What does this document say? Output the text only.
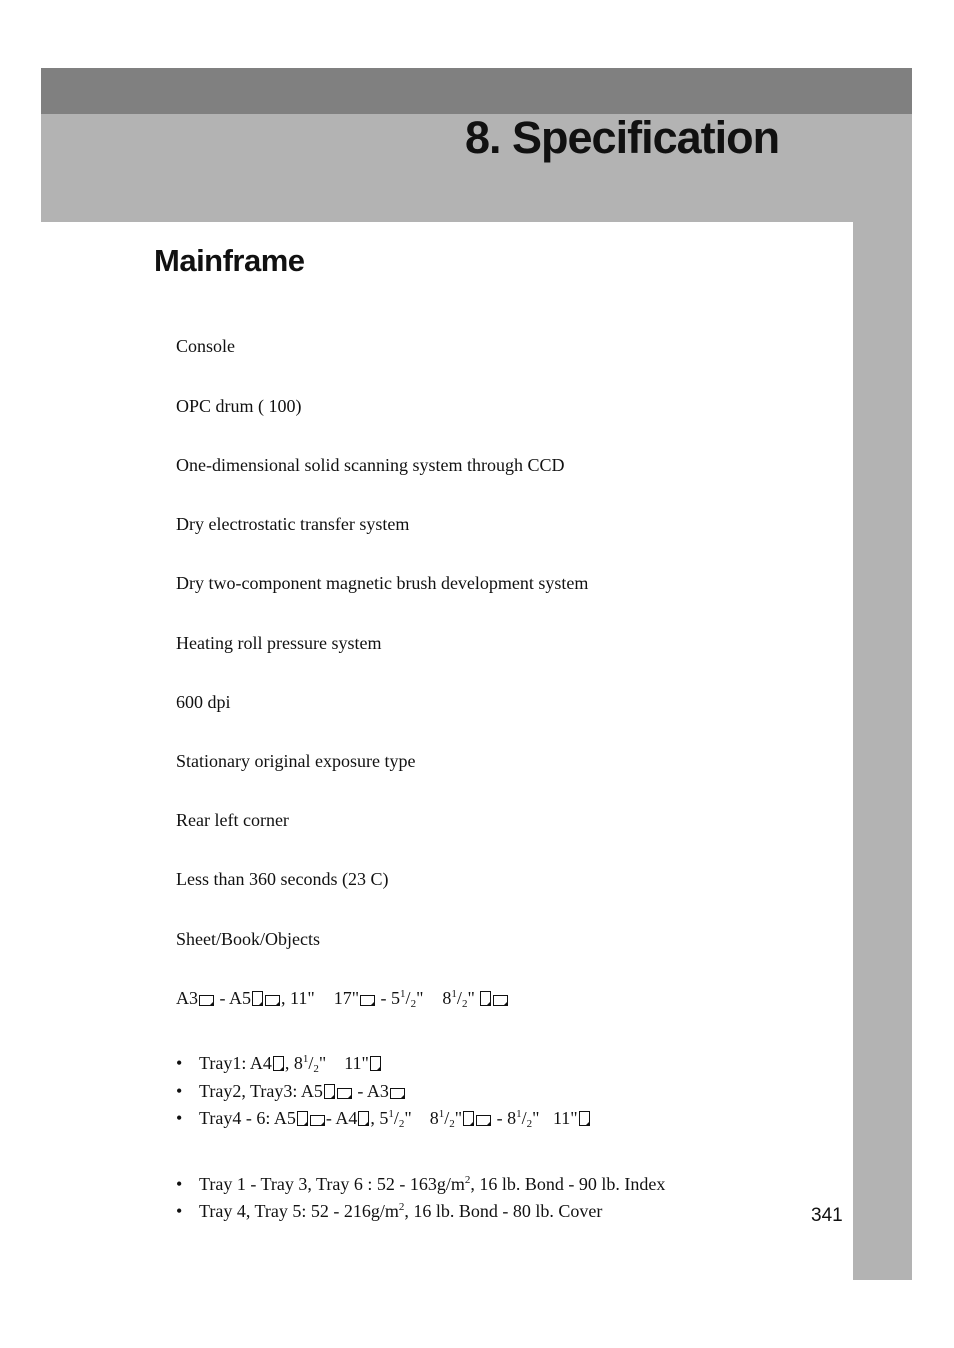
8. Specification
Mainframe
Console
OPC drum ( 100)
One-dimensional solid scanning system through CCD
Dry electrostatic transfer system
Dry two-component magnetic brush development system
Heating roll pressure system
600 dpi
Stationary original exposure type
Rear left corner
Less than 360 seconds (23 C)
Sheet/Book/Objects
A3 - A5 , 11" 17" - $5^1/_2$" $8^1/_2$"
• Tray1: A4 , $8^1/_2$"    11"
• Tray2, Tray3: A5 - A3
• Tray4 - 6: A5 - A4 , $5^1/_2$"    $8^1/_2$" - $8^1/_2$"   11"
• Tray 1 - Tray 3, Tray 6 : $52 - 163g/m^2$, 16 lb. Bond - 90 lb. Index
• Tray 4, Tray 5: $52 - 216g/m^2$, 16 lb. Bond - 80 lb. Cover	341
